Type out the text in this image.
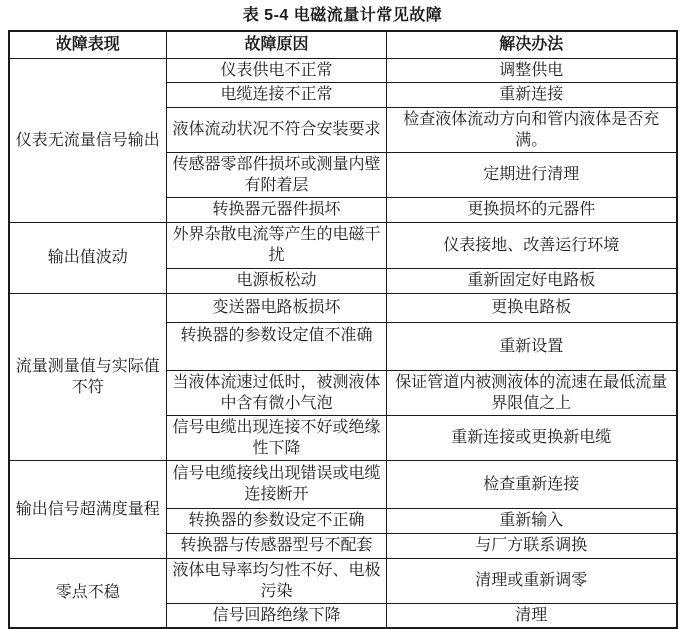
表 5-4 电磁流量计常见故障
故障表现	故障原因	解决办法
仪表无流量信号输出	仪表供电不正常	调整供电
	电缆连接不正常	重新连接
	液体流动状况不符合安装要求	检查液体流动方向和管内液体是否充满。
	传感器零部件损坏或测量内壁有附着层	定期进行清理
	转换器元器件损坏	更换损坏的元器件
输出值波动	外界杂散电流等产生的电磁干扰	仪表接地、改善运行环境
	电源板松动	重新固定好电路板
流量测量值与实际值不符	变送器电路板损坏	更换电路板
	转换器的参数设定值不准确	重新设置
	当液体流速过低时，被测液体中含有微小气泡	保证管道内被测液体的流速在最低流量界限值之上
	信号电缆出现连接不好或绝缘性下降	重新连接或更换新电缆
输出信号超满度量程	信号电缆接线出现错误或电缆连接断开	检查重新连接
	转换器的参数设定不正确	重新输入
	转换器与传感器型号不配套	与厂方联系调换
零点不稳	液体电导率均匀性不好、电极污染	清理或重新调零
	信号回路绝缘下降	清理
